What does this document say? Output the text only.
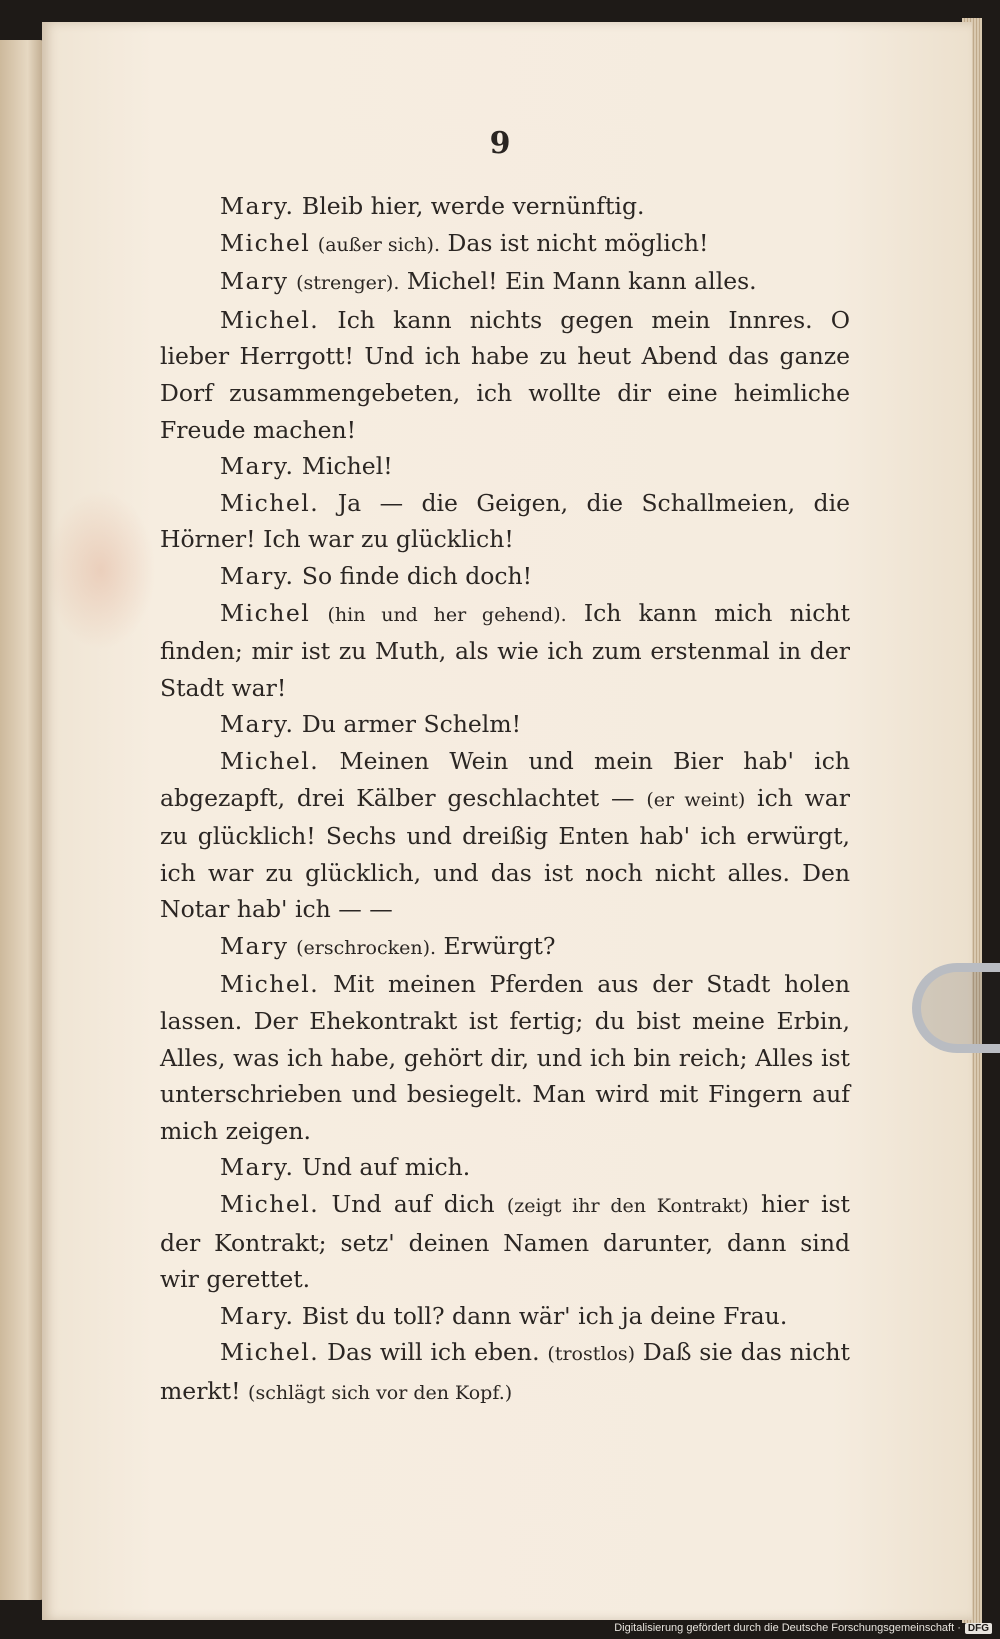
9

Mary. Bleib hier, werde vernünftig.

Michel (außer sich). Das ist nicht möglich!

Mary (strenger). Michel! Ein Mann kann alles.

Michel. Ich kann nichts gegen mein Innres. O lieber Herrgott! Und ich habe zu heut Abend das ganze Dorf zusammengebeten, ich wollte dir eine heimliche Freude machen!

Mary. Michel!

Michel. Ja — die Geigen, die Schallmeien, die Hörner! Ich war zu glücklich!

Mary. So finde dich doch!

Michel (hin und her gehend). Ich kann mich nicht finden; mir ist zu Muth, als wie ich zum erstenmal in der Stadt war!

Mary. Du armer Schelm!

Michel. Meinen Wein und mein Bier hab' ich abgezapft, drei Kälber geschlachtet — (er weint) ich war zu glücklich! Sechs und dreißig Enten hab' ich erwürgt, ich war zu glücklich, und das ist noch nicht alles. Den Notar hab' ich — —

Mary (erschrocken). Erwürgt?

Michel. Mit meinen Pferden aus der Stadt holen lassen. Der Ehekontrakt ist fertig; du bist meine Erbin, Alles, was ich habe, gehört dir, und ich bin reich; Alles ist unterschrieben und besiegelt. Man wird mit Fingern auf mich zeigen.

Mary. Und auf mich.

Michel. Und auf dich (zeigt ihr den Kontrakt) hier ist der Kontrakt; setz' deinen Namen darunter, dann sind wir gerettet.

Mary. Bist du toll? dann wär' ich ja deine Frau.

Michel. Das will ich eben. (trostlos) Daß sie das nicht merkt! (schlägt sich vor den Kopf.)

Digitalisierung gefördert durch die Deutsche Forschungsgemeinschaft · DFG
